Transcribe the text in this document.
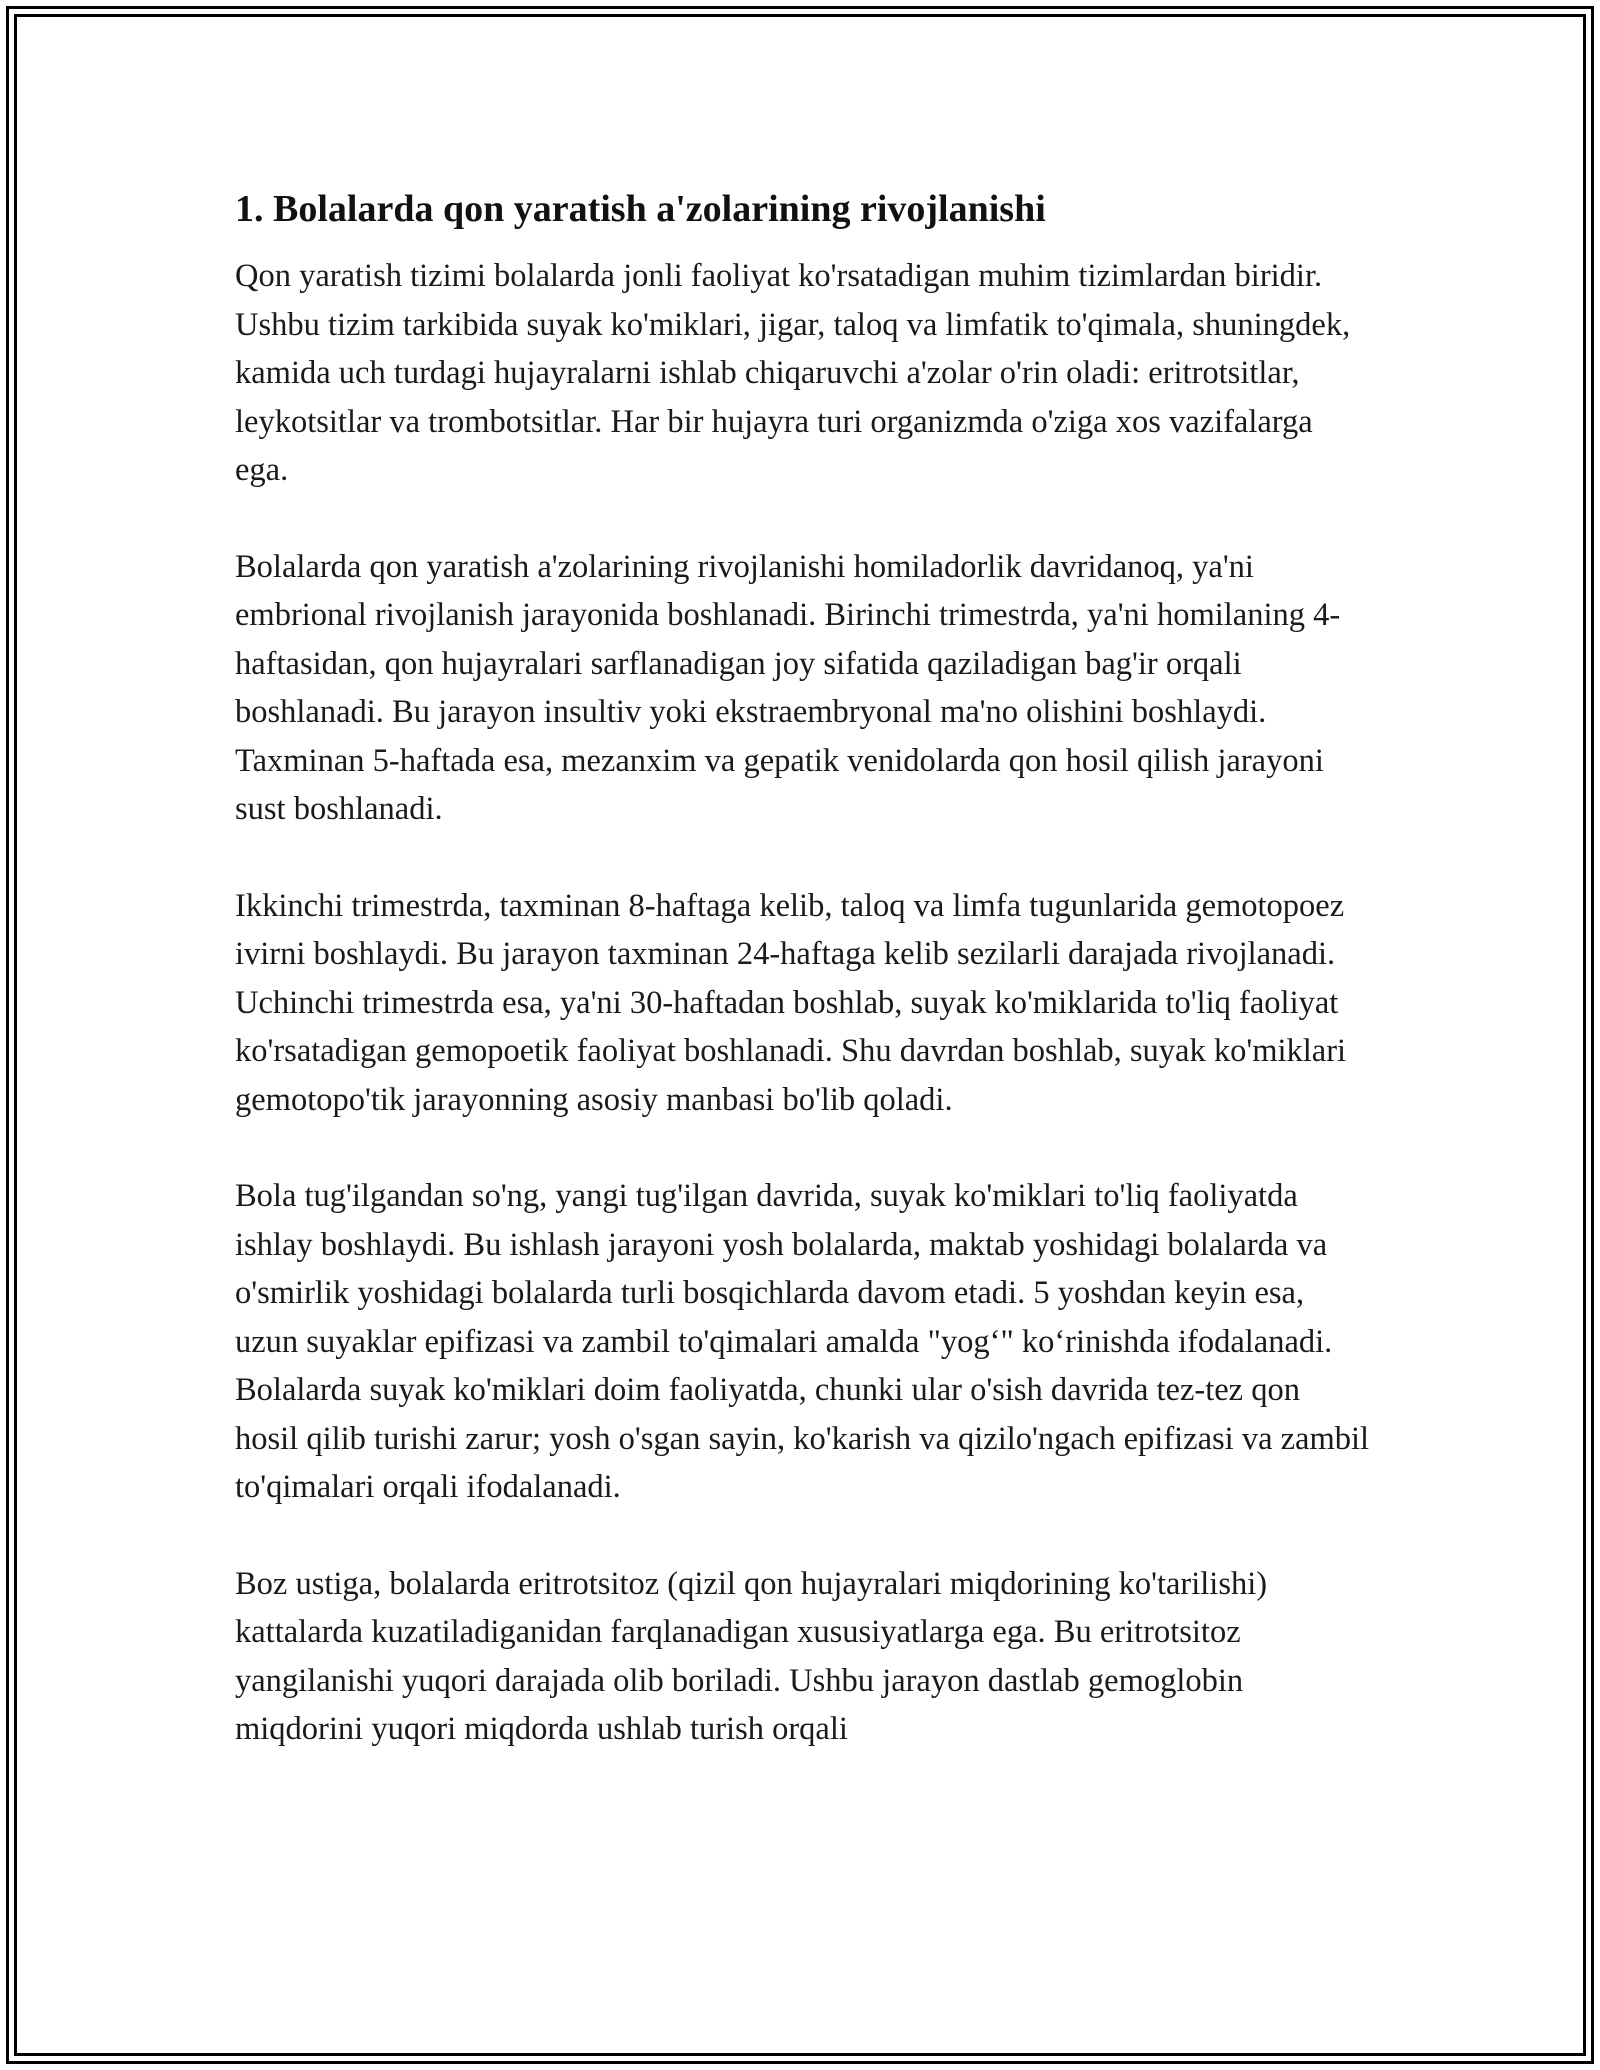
1. Bolalarda qon yaratish a'zolarining rivojlanishi

Qon yaratish tizimi bolalarda jonli faoliyat ko'rsatadigan muhim tizimlardan biridir. Ushbu tizim tarkibida suyak ko'miklari, jigar, taloq va limfatik to'qimala, shuningdek, kamida uch turdagi hujayralarni ishlab chiqaruvchi a'zolar o'rin oladi: eritrotsitlar, leykotsitlar va trombotsitlar. Har bir hujayra turi organizmda o'ziga xos vazifalarga ega.

Bolalarda qon yaratish a'zolarining rivojlanishi homiladorlik davridanoq, ya'ni embrional rivojlanish jarayonida boshlanadi. Birinchi trimestrda, ya'ni homilaning 4-haftasidan, qon hujayralari sarflanadigan joy sifatida qaziladigan bag'ir orqali boshlanadi. Bu jarayon insultiv yoki ekstraembryonal ma'no olishini boshlaydi. Taxminan 5-haftada esa, mezanxim va gepatik venidolarda qon hosil qilish jarayoni sust boshlanadi.

Ikkinchi trimestrda, taxminan 8-haftaga kelib, taloq va limfa tugunlarida gemotopoez ivirni boshlaydi. Bu jarayon taxminan 24-haftaga kelib sezilarli darajada rivojlanadi. Uchinchi trimestrda esa, ya'ni 30-haftadan boshlab, suyak ko'miklarida to'liq faoliyat ko'rsatadigan gemopoetik faoliyat boshlanadi. Shu davrdan boshlab, suyak ko'miklari gemotopo'tik jarayonning asosiy manbasi bo'lib qoladi.

Bola tug'ilgandan so'ng, yangi tug'ilgan davrida, suyak ko'miklari to'liq faoliyatda ishlay boshlaydi. Bu ishlash jarayoni yosh bolalarda, maktab yoshidagi bolalarda va o'smirlik yoshidagi bolalarda turli bosqichlarda davom etadi. 5 yoshdan keyin esa, uzun suyaklar epifizasi va zambil to'qimalari amalda "yog‘" ko‘rinishda ifodalanadi. Bolalarda suyak ko'miklari doim faoliyatda, chunki ular o'sish davrida tez-tez qon hosil qilib turishi zarur; yosh o'sgan sayin, ko'karish va qizilo'ngach epifizasi va zambil to'qimalari orqali ifodalanadi.

Boz ustiga, bolalarda eritrotsitoz (qizil qon hujayralari miqdorining ko'tarilishi) kattalarda kuzatiladiganidan farqlanadigan xususiyatlarga ega. Bu eritrotsitoz yangilanishi yuqori darajada olib boriladi. Ushbu jarayon dastlab gemoglobin miqdorini yuqori miqdorda ushlab turish orqali
